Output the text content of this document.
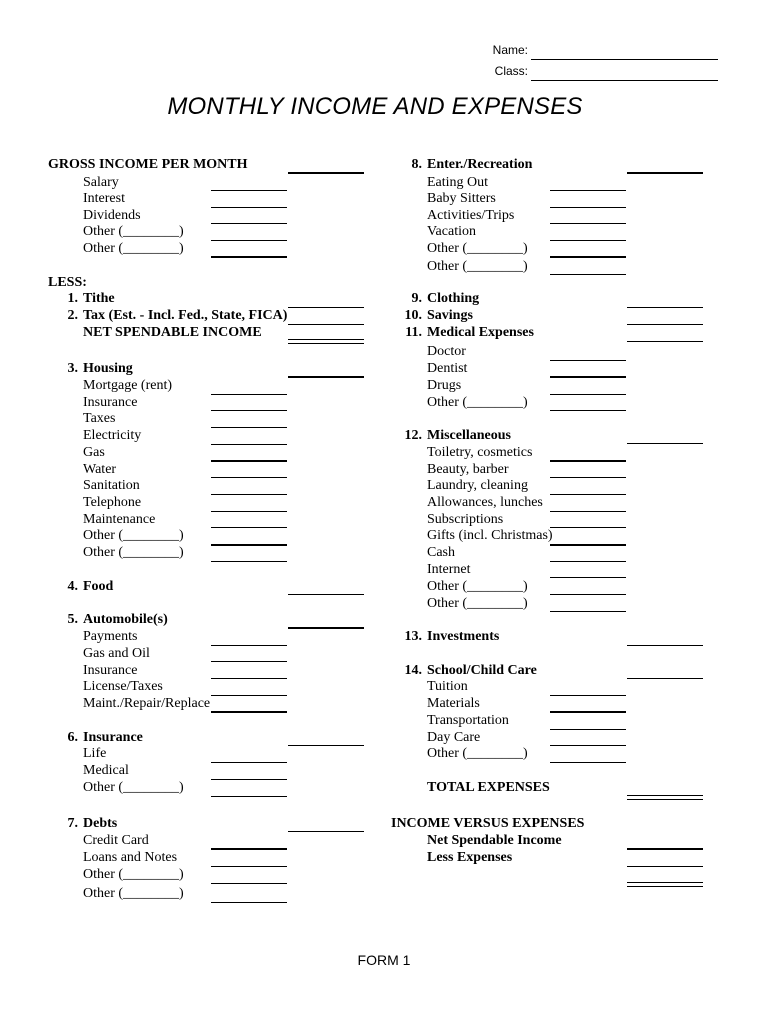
Name:
Class:
MONTHLY INCOME AND EXPENSES
GROSS INCOME PER MONTH
Salary
Interest
Dividends
Other (________)
Other (________)
LESS:
1. Tithe
2. Tax (Est. - Incl. Fed., State, FICA)
NET SPENDABLE INCOME
3. Housing
Mortgage (rent)
Insurance
Taxes
Electricity
Gas
Water
Sanitation
Telephone
Maintenance
Other (________)
Other (________)
4. Food
5. Automobile(s)
Payments
Gas and Oil
Insurance
License/Taxes
Maint./Repair/Replace
6. Insurance
Life
Medical
Other (________)
7. Debts
Credit Card
Loans and Notes
Other (________)
Other (________)
8. Enter./Recreation
Eating Out
Baby Sitters
Activities/Trips
Vacation
Other (________)
Other (________)
9. Clothing
10. Savings
11. Medical Expenses
Doctor
Dentist
Drugs
Other (________)
12. Miscellaneous
Toiletry, cosmetics
Beauty, barber
Laundry, cleaning
Allowances, lunches
Subscriptions
Gifts (incl. Christmas)
Cash
Internet
Other (________)
Other (________)
13. Investments
14. School/Child Care
Tuition
Materials
Transportation
Day Care
Other (________)
TOTAL EXPENSES
INCOME VERSUS EXPENSES
Net Spendable Income
Less Expenses
FORM 1
